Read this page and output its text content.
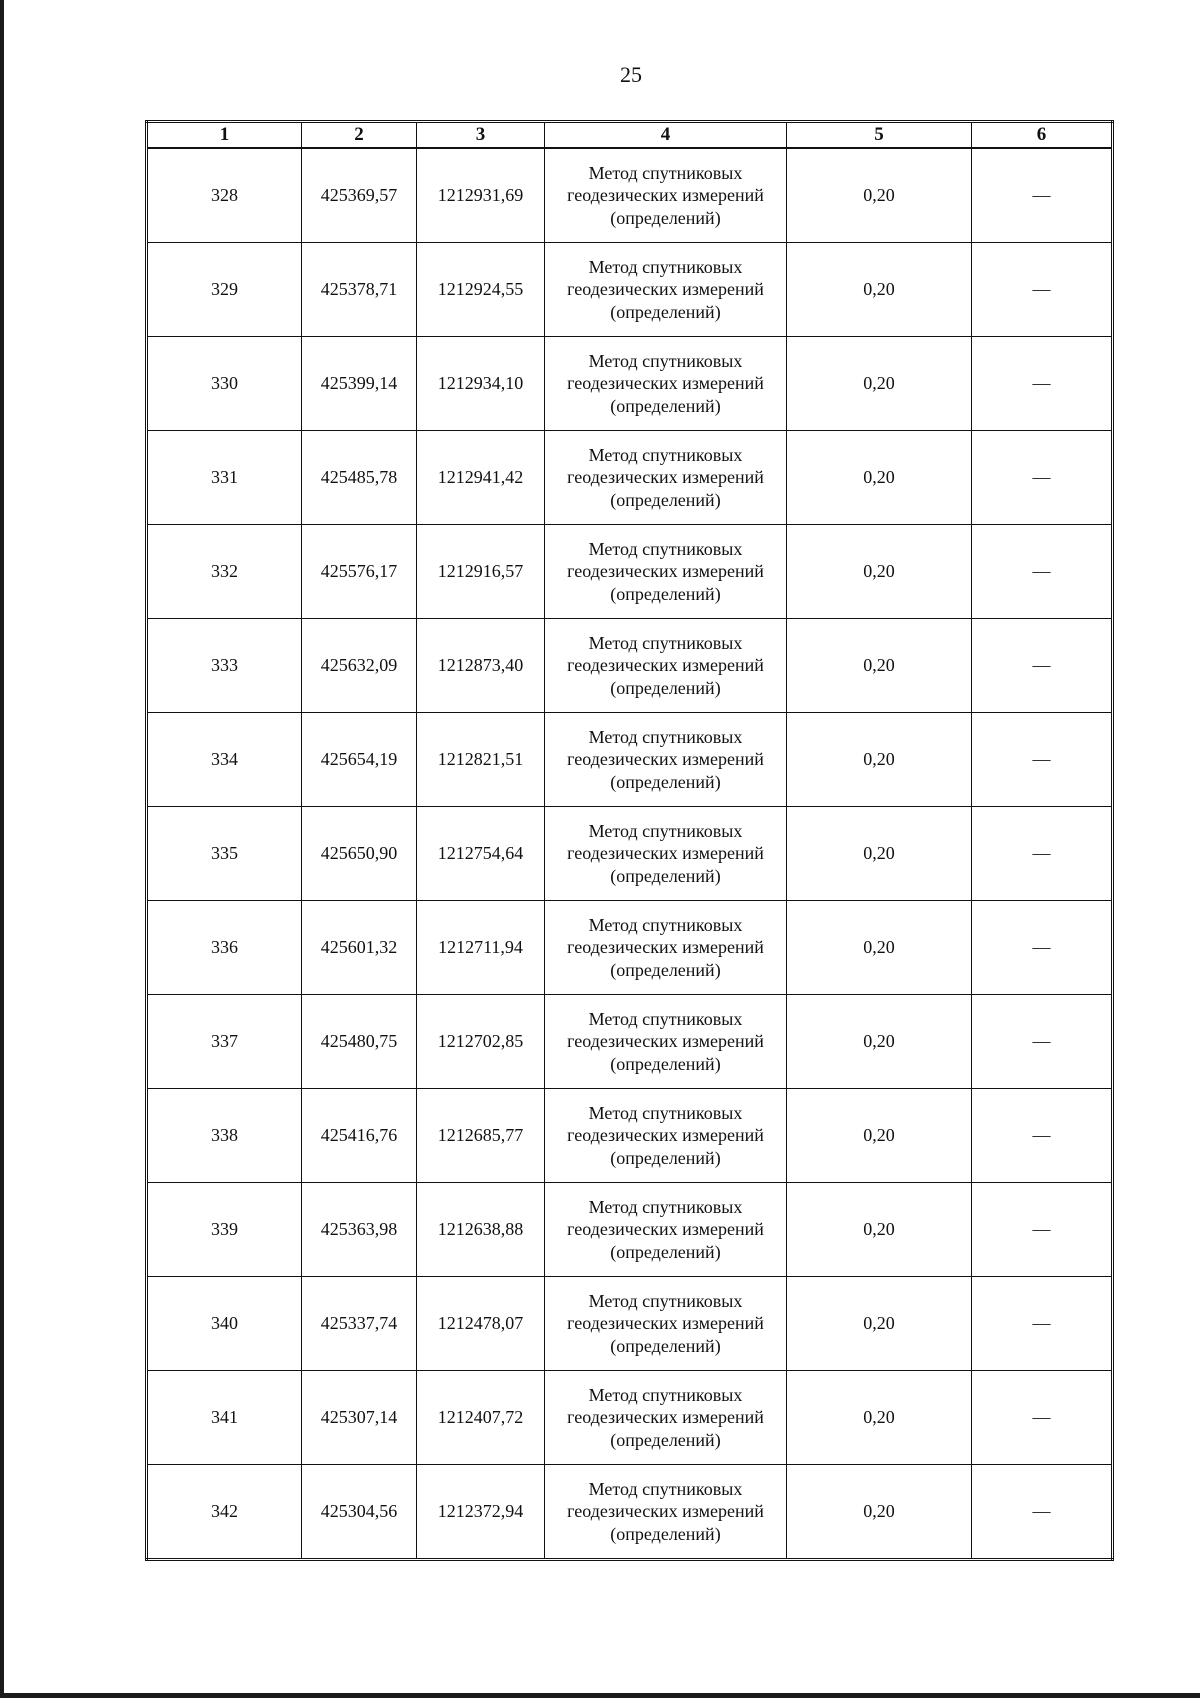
25
1	2	3	4	5	6
328	425369,57	1212931,69	Метод спутниковых геодезических измерений (определений)	0,20	—
329	425378,71	1212924,55	Метод спутниковых геодезических измерений (определений)	0,20	—
330	425399,14	1212934,10	Метод спутниковых геодезических измерений (определений)	0,20	—
331	425485,78	1212941,42	Метод спутниковых геодезических измерений (определений)	0,20	—
332	425576,17	1212916,57	Метод спутниковых геодезических измерений (определений)	0,20	—
333	425632,09	1212873,40	Метод спутниковых геодезических измерений (определений)	0,20	—
334	425654,19	1212821,51	Метод спутниковых геодезических измерений (определений)	0,20	—
335	425650,90	1212754,64	Метод спутниковых геодезических измерений (определений)	0,20	—
336	425601,32	1212711,94	Метод спутниковых геодезических измерений (определений)	0,20	—
337	425480,75	1212702,85	Метод спутниковых геодезических измерений (определений)	0,20	—
338	425416,76	1212685,77	Метод спутниковых геодезических измерений (определений)	0,20	—
339	425363,98	1212638,88	Метод спутниковых геодезических измерений (определений)	0,20	—
340	425337,74	1212478,07	Метод спутниковых геодезических измерений (определений)	0,20	—
341	425307,14	1212407,72	Метод спутниковых геодезических измерений (определений)	0,20	—
342	425304,56	1212372,94	Метод спутниковых геодезических измерений (определений)	0,20	—
